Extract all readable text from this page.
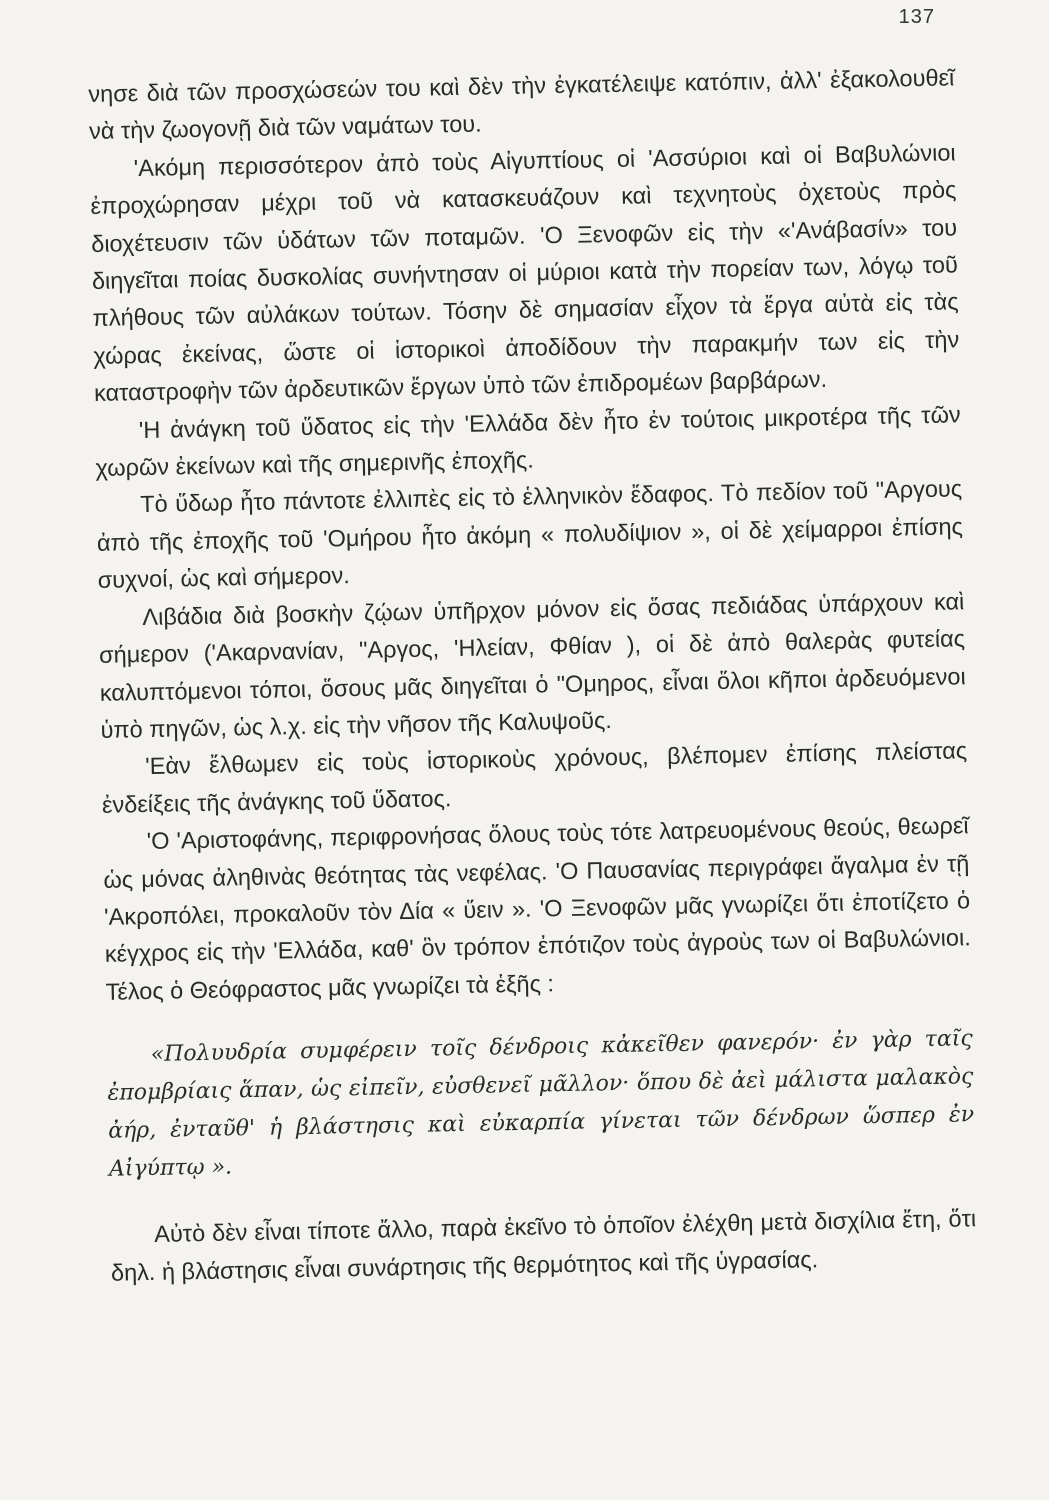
137

νησε διὰ τῶν προσχώσεών του καὶ δὲν τὴν ἐγκατέλειψε κατόπιν, ἀλλ' ἐξακολουθεῖ νὰ τὴν ζωογονῇ διὰ τῶν ναμάτων του.

'Ακόμη περισσότερον ἀπὸ τοὺς Αἰγυπτίους οἱ 'Ασσύριοι καὶ οἱ Βαβυλώνιοι ἐπροχώρησαν μέχρι τοῦ νὰ κατασκευάζουν καὶ τεχνητοὺς ὀχετοὺς πρὸς διοχέτευσιν τῶν ὑδάτων τῶν ποταμῶν. 'Ο Ξενοφῶν εἰς τὴν «'Ανάβασίν» του διηγεῖται ποίας δυσκολίας συνήντησαν οἱ μύριοι κατὰ τὴν πορείαν των, λόγῳ τοῦ πλήθους τῶν αὐλάκων τούτων. Τόσην δὲ σημασίαν εἶχον τὰ ἔργα αὐτὰ εἰς τὰς χώρας ἐκείνας, ὥστε οἱ ἱστορικοὶ ἀποδίδουν τὴν παρακμήν των εἰς τὴν καταστροφὴν τῶν ἀρδευτικῶν ἔργων ὑπὸ τῶν ἐπιδρομέων βαρβάρων.

'Η ἀνάγκη τοῦ ὕδατος εἰς τὴν 'Ελλάδα δὲν ἦτο ἐν τούτοις μικροτέρα τῆς τῶν χωρῶν ἐκείνων καὶ τῆς σημερινῆς ἐποχῆς.

Τὸ ὕδωρ ἦτο πάντοτε ἐλλιπὲς εἰς τὸ ἑλληνικὸν ἔδαφος. Τὸ πεδίον τοῦ "Αργους ἀπὸ τῆς ἐποχῆς τοῦ 'Ομήρου ἦτο ἀκόμη « πολυδίψιον », οἱ δὲ χείμαρροι ἐπίσης συχνοί, ὡς καὶ σήμερον.

Λιβάδια διὰ βοσκὴν ζῴων ὑπῆρχον μόνον εἰς ὅσας πεδιάδας ὑπάρχουν καὶ σήμερον ('Ακαρνανίαν, "Αργος, 'Ηλείαν, Φθίαν ), οἱ δὲ ἀπὸ θαλερὰς φυτείας καλυπτόμενοι τόποι, ὅσους μᾶς διηγεῖται ὁ "Ομηρος, εἶναι ὅλοι κῆποι ἀρδευόμενοι ὑπὸ πηγῶν, ὡς λ.χ. εἰς τὴν νῆσον τῆς Καλυψοῦς.

'Εὰν ἔλθωμεν εἰς τοὺς ἱστορικοὺς χρόνους, βλέπομεν ἐπίσης πλείστας ἐνδείξεις τῆς ἀνάγκης τοῦ ὕδατος.

'Ο 'Αριστοφάνης, περιφρονήσας ὅλους τοὺς τότε λατρευομένους θεούς, θεωρεῖ ὡς μόνας ἀληθινὰς θεότητας τὰς νεφέλας. 'Ο Παυσανίας περιγράφει ἄγαλμα ἐν τῇ 'Ακροπόλει, προκαλοῦν τὸν Δία « ὕειν ». 'Ο Ξενοφῶν μᾶς γνωρίζει ὅτι ἐποτίζετο ὁ κέγχρος εἰς τὴν 'Ελλάδα, καθ' ὃν τρόπον ἐπότιζον τοὺς ἀγροὺς των οἱ Βαβυλώνιοι. Τέλος ὁ Θεόφραστος μᾶς γνωρίζει τὰ ἑξῆς :

«Πολυυδρία συμφέρειν τοῖς δένδροις κἀκεῖθεν φανερόν· ἐν γὰρ ταῖς ἐπομβρίαις ἅπαν, ὡς εἰπεῖν, εὐσθενεῖ μᾶλλον· ὅπου δὲ ἀεὶ μάλιστα μαλακὸς ἀήρ, ἐνταῦθ' ἡ βλάστησις καὶ εὐκαρπία γίνεται τῶν δένδρων ὥσπερ ἐν Αἰγύπτῳ ».

Αὐτὸ δὲν εἶναι τίποτε ἄλλο, παρὰ ἐκεῖνο τὸ ὁποῖον ἐλέχθη μετὰ δισχίλια ἔτη, ὅτι δηλ. ἡ βλάστησις εἶναι συνάρτησις τῆς θερμότητος καὶ τῆς ὑγρασίας.
